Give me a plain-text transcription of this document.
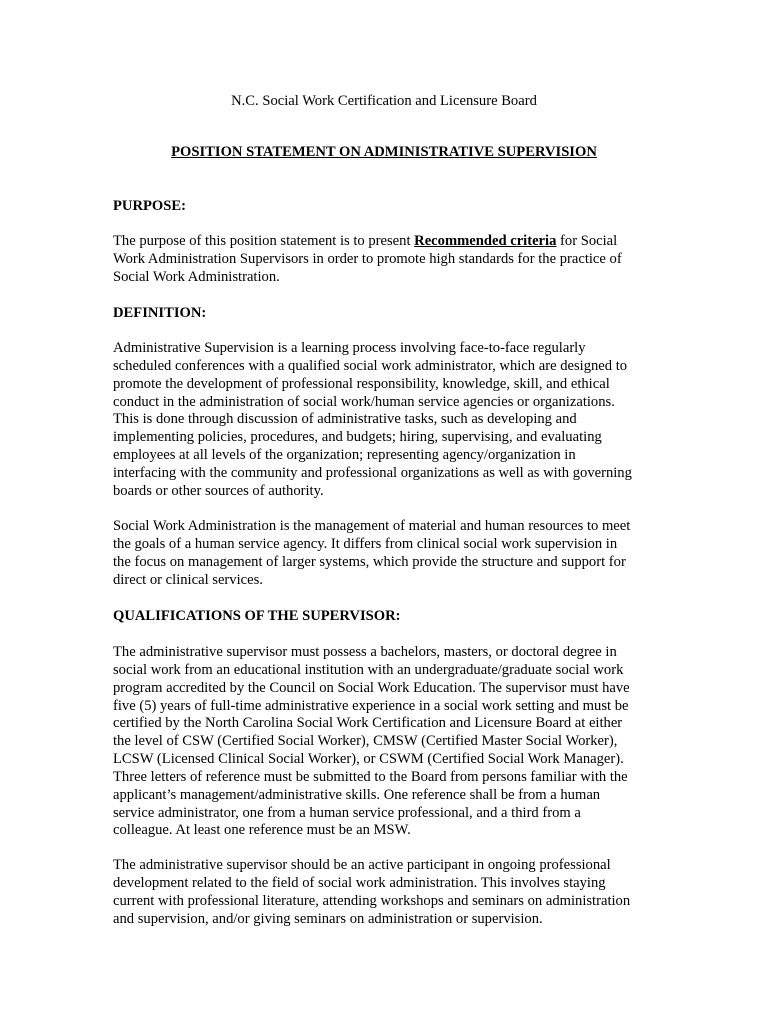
N.C. Social Work Certification and Licensure Board
POSITION STATEMENT ON ADMINISTRATIVE SUPERVISION
PURPOSE:
The purpose of this position statement is to present Recommended criteria for Social
Work Administration Supervisors in order to promote high standards for the practice of
Social Work Administration.
DEFINITION:
Administrative Supervision is a learning process involving face-to-face regularly
scheduled conferences with a qualified social work administrator, which are designed to
promote the development of professional responsibility, knowledge, skill, and ethical
conduct in the administration of social work/human service agencies or organizations.
This is done through discussion of administrative tasks, such as developing and
implementing policies, procedures, and budgets; hiring, supervising, and evaluating
employees at all levels of the organization; representing agency/organization in
interfacing with the community and professional organizations as well as with governing
boards or other sources of authority.
Social Work Administration is the management of material and human resources to meet
the goals of a human service agency. It differs from clinical social work supervision in
the focus on management of larger systems, which provide the structure and support for
direct or clinical services.
QUALIFICATIONS OF THE SUPERVISOR:
The administrative supervisor must possess a bachelors, masters, or doctoral degree in
social work from an educational institution with an undergraduate/graduate social work
program accredited by the Council on Social Work Education. The supervisor must have
five (5) years of full-time administrative experience in a social work setting and must be
certified by the North Carolina Social Work Certification and Licensure Board at either
the level of CSW (Certified Social Worker), CMSW (Certified Master Social Worker),
LCSW (Licensed Clinical Social Worker), or CSWM (Certified Social Work Manager).
Three letters of reference must be submitted to the Board from persons familiar with the
applicant’s management/administrative skills. One reference shall be from a human
service administrator, one from a human service professional, and a third from a
colleague. At least one reference must be an MSW.
The administrative supervisor should be an active participant in ongoing professional
development related to the field of social work administration. This involves staying
current with professional literature, attending workshops and seminars on administration
and supervision, and/or giving seminars on administration or supervision.
